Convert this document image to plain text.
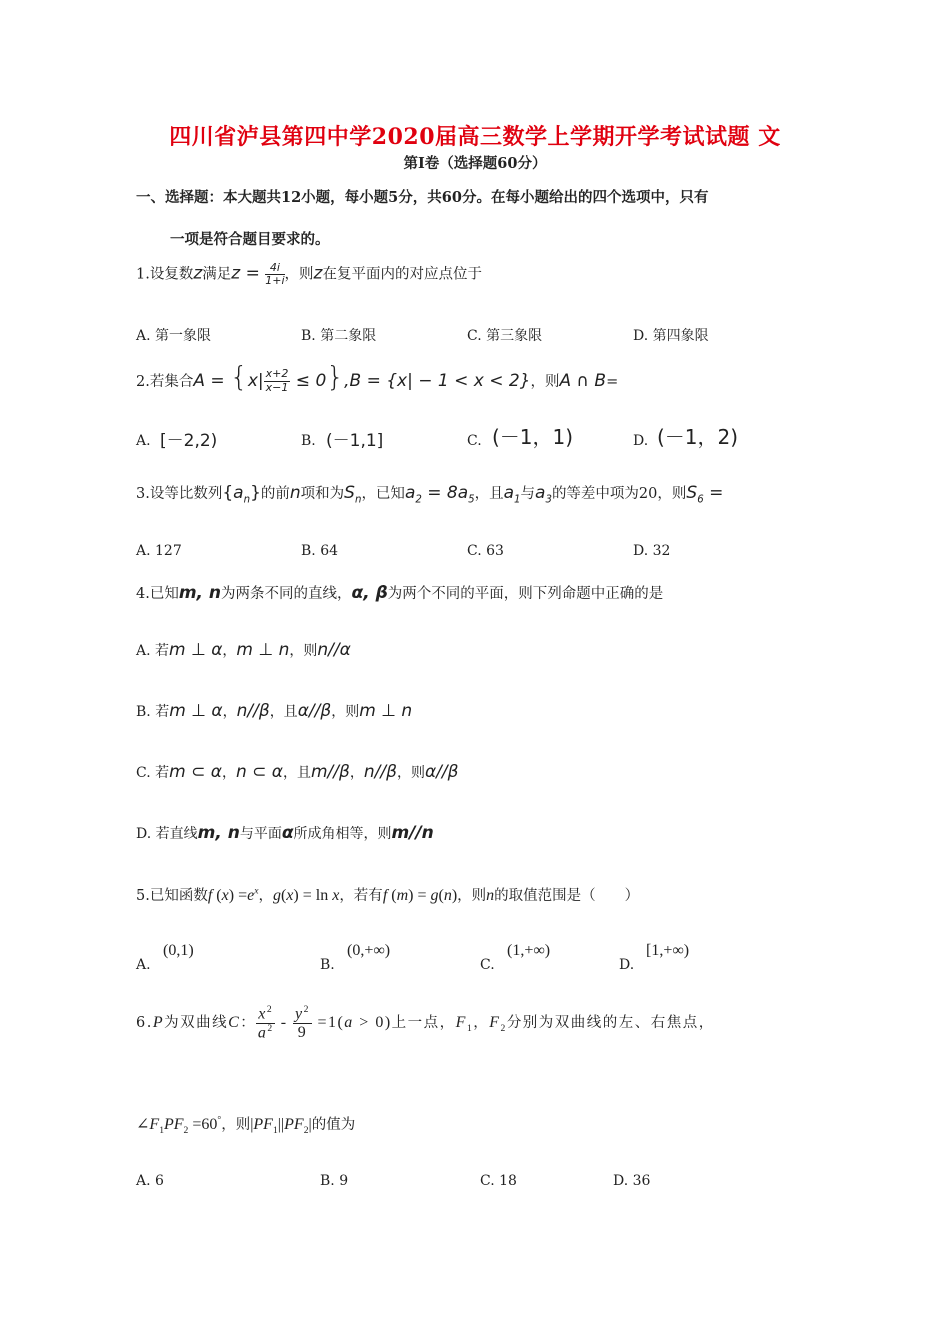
四川省泸县第四中学2020届高三数学上学期开学考试试题 文
第Ⅰ卷（选择题60分）
一、选择题：本大题共12小题，每小题5分，共60分。在每小题给出的四个选项中，只有
一项是符合题目要求的。
1.设复数z满足$z = \frac{4i}{1+i}$ ，则z在复平面内的对应点位于
A. 第一象限	B. 第二象限	C. 第三象限	D. 第四象限
2.若集合$A = \{x| \frac{x+2}{x-1} \le 0\},B = \{x| - 1 < x < 2\}$，则A ∩ B=
A. [－2,2)	B. (－1,1]	C. (－1，1)	D. (－1，2)
3.设等比数列$\{a_n\}$的前n项和为$S_n$，已知$a_2 = 8a_5$，且$a_1$与$a_3$的等差中项为20，则$S_6$ =
A. 127	B. 64	C. 63	D. 32
4.已知m, n为两条不同的直线，α, β为两个不同的平面，则下列命题中正确的是
A. 若m ⊥ α，m ⊥ n，则n//α
B. 若m ⊥ α，n//β，且α//β，则m ⊥ n
C. 若m ⊂ α，n ⊂ α，且m//β，n//β，则α//β
D. 若直线m, n与平面α所成角相等，则m//n
5.已知函数f $(x) =e^x$，g(x) = ln x，若有f (m) = g(n)，则n的取值范围是（　　）
A.
(0,1)
B.
(0,+∞)
C.
(1,+∞)
D.
[1,+∞)
6.P为双曲线C： $\frac{x^2}{a^2} - \frac{y^2}{9} =1(a > 0)$上一点，$F_1$，$F_2$分别为双曲线的左、右焦点，
$\angle F_1PF_2 =60^\circ$，则$|PF_1||PF_2|$的值为
A. 6	B. 9	C. 18	D. 36
